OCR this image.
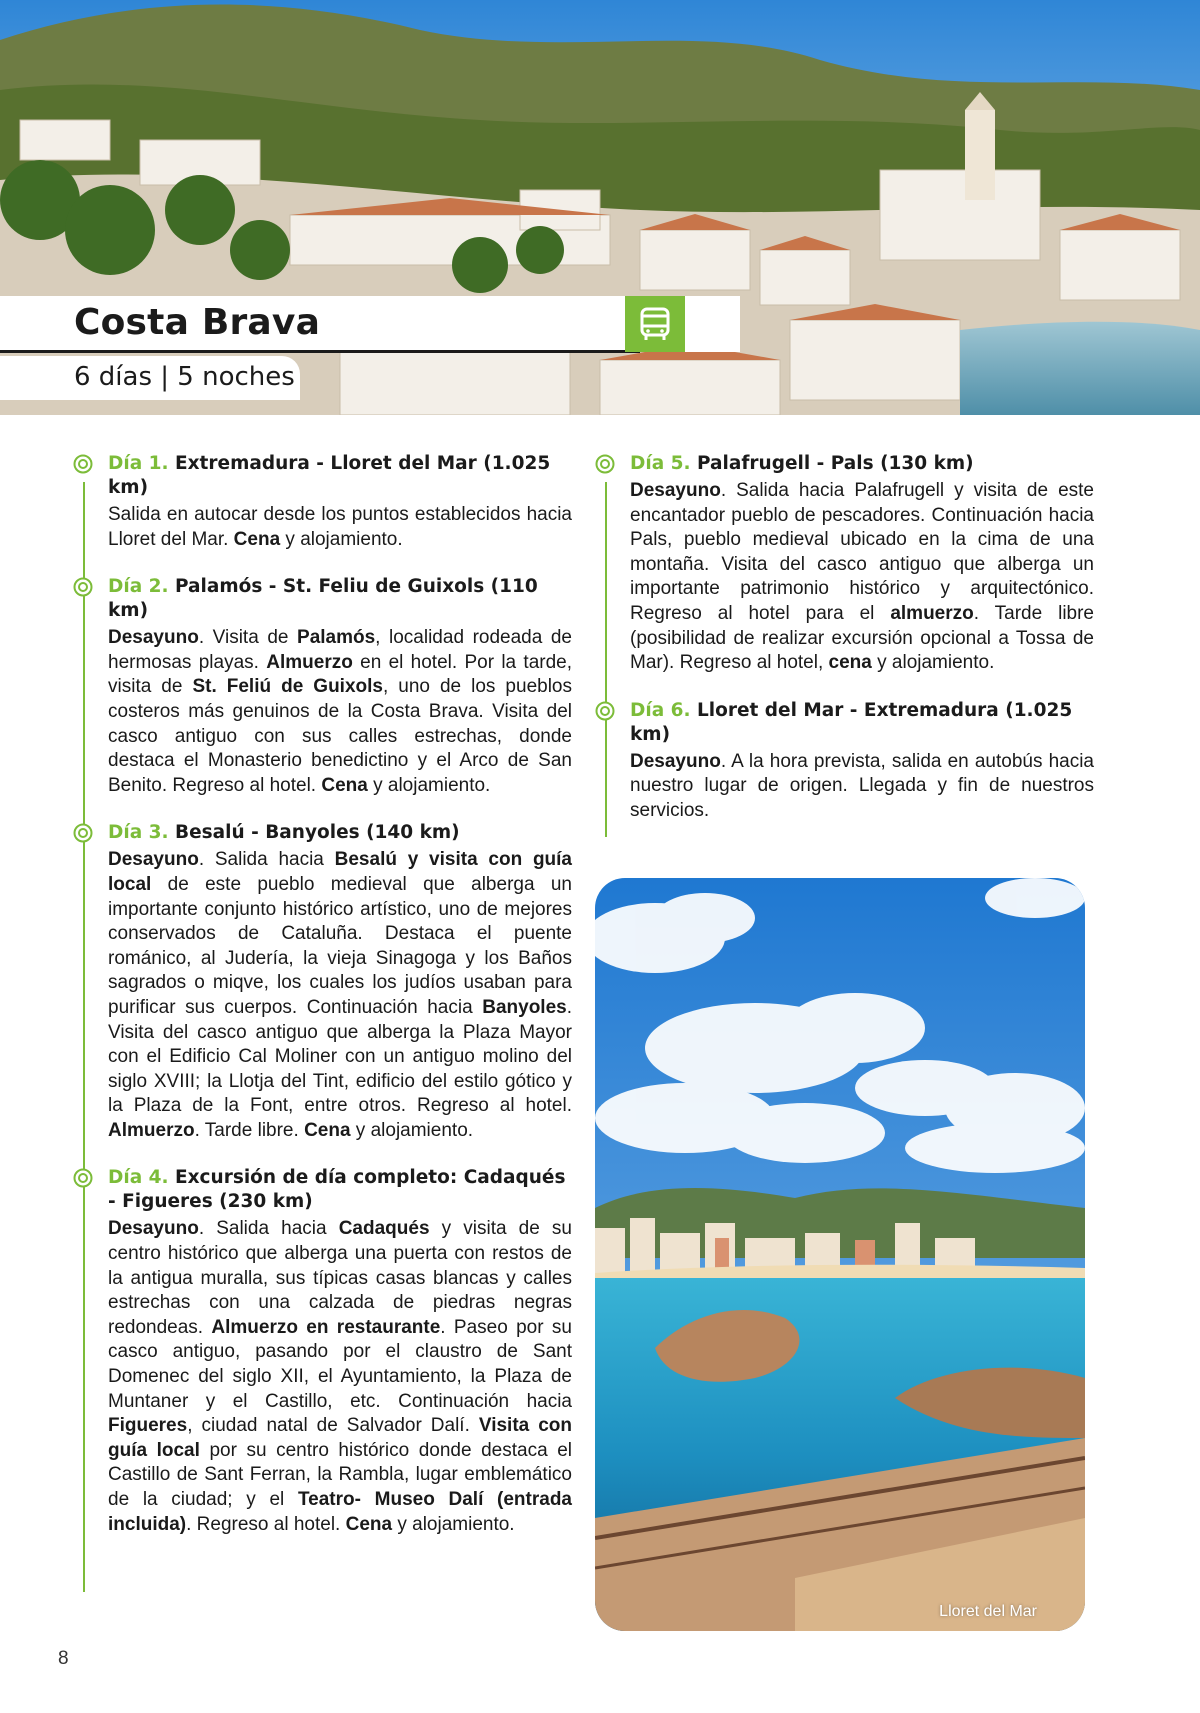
Costa Brava
6 días | 5 noches
Día 1. Extremadura - Lloret del Mar (1.025 km)
Salida en autocar desde los puntos establecidos hacia Lloret del Mar. Cena y alojamiento.
Día 2. Palamós - St. Feliu de Guixols (110 km)
Desayuno. Visita de Palamós, localidad rodeada de hermosas playas. Almuerzo en el hotel. Por la tarde, visita de St. Feliú de Guixols, uno de los pueblos costeros más genuinos de la Costa Brava. Visita del casco antiguo con sus calles estrechas, donde destaca el Monasterio benedictino y el Arco de San Benito. Regreso al hotel. Cena y alojamiento.
Día 3. Besalú - Banyoles (140 km)
Desayuno. Salida hacia Besalú y visita con guía local de este pueblo medieval que alberga un importante conjunto histórico artístico, uno de mejores conservados de Cataluña. Destaca el puente románico, al Judería, la vieja Sinagoga y los Baños sagrados o miqve, los cuales los judíos usaban para purificar sus cuerpos. Continuación hacia Banyoles. Visita del casco antiguo que alberga la Plaza Mayor con el Edificio Cal Moliner con un antiguo molino del siglo XVIII; la Llotja del Tint, edificio del estilo gótico y la Plaza de la Font, entre otros. Regreso al hotel. Almuerzo. Tarde libre. Cena y alojamiento.
Día 4. Excursión de día completo: Cadaqués - Figueres (230 km)
Desayuno. Salida hacia Cadaqués y visita de su centro histórico que alberga una puerta con restos de la antigua muralla, sus típicas casas blancas y calles estrechas con una calzada de piedras negras redondeas. Almuerzo en restaurante. Paseo por su casco antiguo, pasando por el claustro de Sant Domenec del siglo XII, el Ayuntamiento, la Plaza de Muntaner y el Castillo, etc. Continuación hacia Figueres, ciudad natal de Salvador Dalí. Visita con guía local por su centro histórico donde destaca el Castillo de Sant Ferran, la Rambla, lugar emblemático de la ciudad; y el Teatro- Museo Dalí (entrada incluida). Regreso al hotel. Cena y alojamiento.
Día 5. Palafrugell - Pals (130 km)
Desayuno. Salida hacia Palafrugell y visita de este encantador pueblo de pescadores. Continuación hacia Pals, pueblo medieval ubicado en la cima de una montaña. Visita del casco antiguo que alberga un importante patrimonio histórico y arquitectónico. Regreso al hotel para el almuerzo. Tarde libre (posibilidad de realizar excursión opcional a Tossa de Mar). Regreso al hotel, cena y alojamiento.
Día 6. Lloret del Mar - Extremadura (1.025 km)
Desayuno. A la hora prevista, salida en autobús hacia nuestro lugar de origen. Llegada y fin de nuestros servicios.
Lloret del Mar
8
